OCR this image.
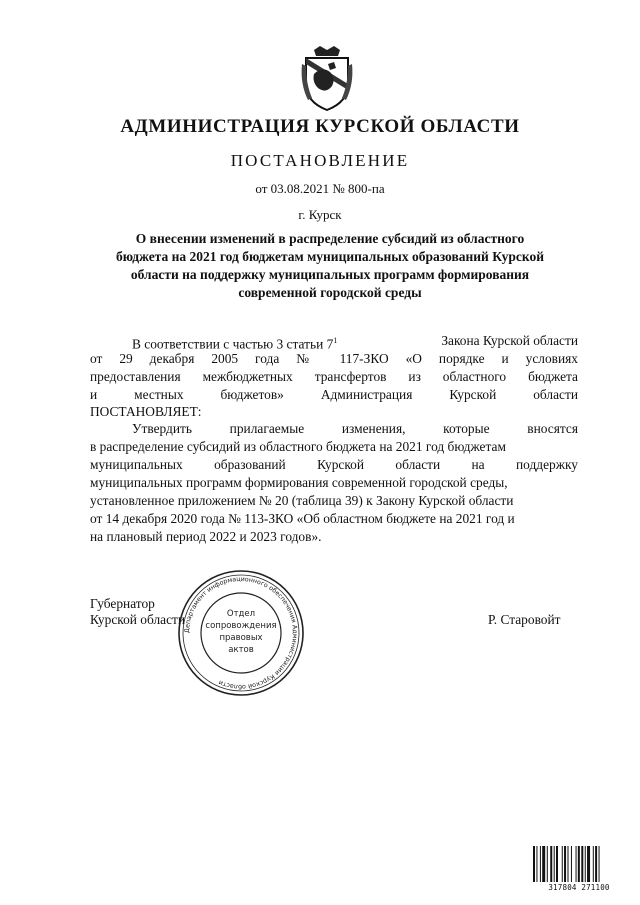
АДМИНИСТРАЦИЯ КУРСКОЙ ОБЛАСТИ
ПОСТАНОВЛЕНИЕ
от 03.08.2021 № 800-па
г. Курск
О внесении изменений в распределение субсидий из областного
бюджета на 2021 год бюджетам муниципальных образований Курской
области на поддержку муниципальных программ формирования
современной городской среды
В соответствии с частью 3 статьи $7^1$	Закона Курской области
от 29 декабря 2005 года № 117-ЗКО «О порядке и условиях
предоставления межбюджетных трансфертов из областного бюджета
и местных бюджетов» Администрация Курской области
ПОСТАНОВЛЯЕТ:
Утвердить прилагаемые изменения, которые вносятся
в распределение субсидий из областного бюджета на 2021 год бюджетам
муниципальных образований Курской области на поддержку
муниципальных программ формирования современной городской среды,
установленное приложением № 20 (таблица 39) к Закону Курской области
от 14 декабря 2020 года № 113-ЗКО «Об областном бюджете на 2021 год и
на плановый период 2022 и 2023 годов».
Губернатор
Курской области	Р. Старовойт
Департамент информационного обеспечения Администрации Курской области
Отдел
сопровождения
правовых
актов
317804 271100
